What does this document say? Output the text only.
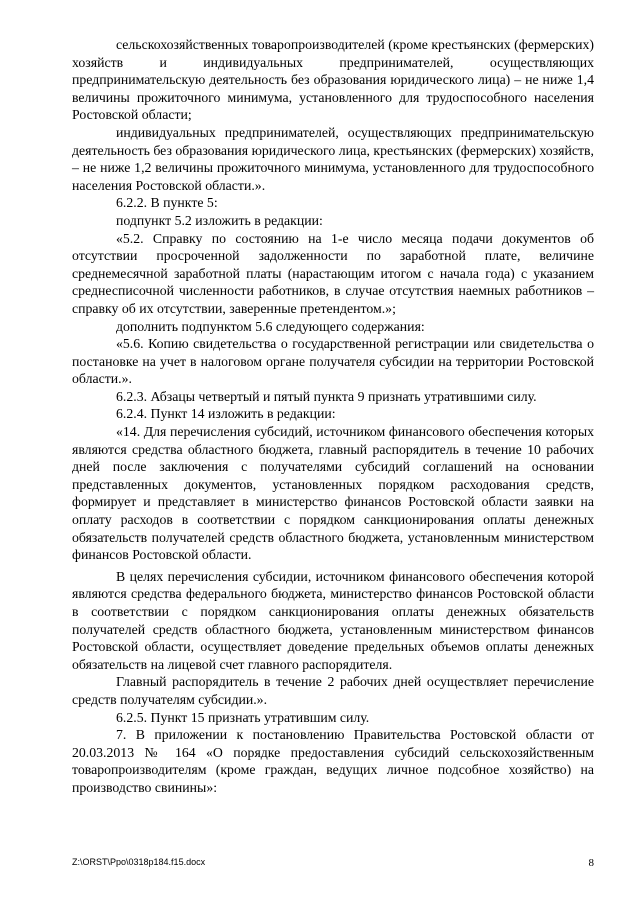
сельскохозяйственных товаропроизводителей (кроме крестьянских (фермерских) хозяйств и индивидуальных предпринимателей, осуществляющих предпринимательскую деятельность без образования юридического лица) – не ниже 1,4 величины прожиточного минимума, установленного для трудоспособного населения Ростовской области;

индивидуальных предпринимателей, осуществляющих предпринимательскую деятельность без образования юридического лица, крестьянских (фермерских) хозяйств, – не ниже 1,2 величины прожиточного минимума, установленного для трудоспособного населения Ростовской области.».

6.2.2. В пункте 5:

подпункт 5.2 изложить в редакции:

«5.2. Справку по состоянию на 1-е число месяца подачи документов об отсутствии просроченной задолженности по заработной плате, величине среднемесячной заработной платы (нарастающим итогом с начала года) с указанием среднесписочной численности работников, в случае отсутствия наемных работников – справку об их отсутствии, заверенные претендентом.»;

дополнить подпунктом 5.6 следующего содержания:

«5.6. Копию свидетельства о государственной регистрации или свидетельства о постановке на учет в налоговом органе получателя субсидии на территории Ростовской области.».

6.2.3. Абзацы четвертый и пятый пункта 9 признать утратившими силу.

6.2.4. Пункт 14 изложить в редакции:

«14. Для перечисления субсидий, источником финансового обеспечения которых являются средства областного бюджета, главный распорядитель в течение 10 рабочих дней после заключения с получателями субсидий соглашений на основании представленных документов, установленных порядком расходования средств, формирует и представляет в министерство финансов Ростовской области заявки на оплату расходов в соответствии с порядком санкционирования оплаты денежных обязательств получателей средств областного бюджета, установленным министерством финансов Ростовской области.

В целях перечисления субсидии, источником финансового обеспечения которой являются средства федерального бюджета, министерство финансов Ростовской области в соответствии с порядком санкционирования оплаты денежных обязательств получателей средств областного бюджета, установленным министерством финансов Ростовской области, осуществляет доведение предельных объемов оплаты денежных обязательств на лицевой счет главного распорядителя.

Главный распорядитель в течение 2 рабочих дней осуществляет перечисление средств получателям субсидии.».

6.2.5. Пункт 15 признать утратившим силу.

7. В приложении к постановлению Правительства Ростовской области от 20.03.2013 № 164 «О порядке предоставления субсидий сельскохозяйственным товаропроизводителям (кроме граждан, ведущих личное подсобное хозяйство) на производство свинины»:

Z:\ORST\Ppo\0318p184.f15.docx	8
